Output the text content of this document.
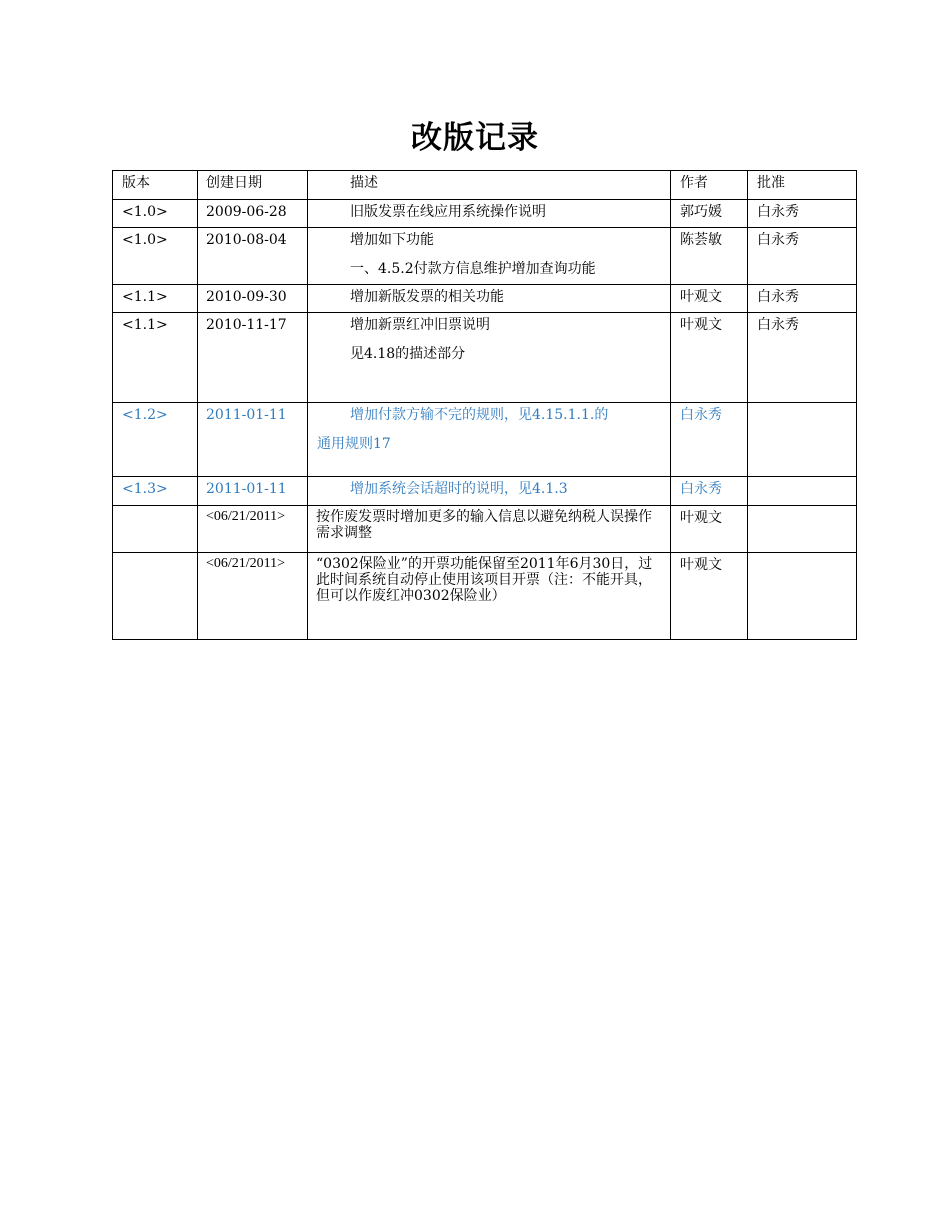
改版记录
版本	创建日期	描述	作者	批准

<1.0>	2009-06-28	旧版发票在线应用系统操作说明	郭巧媛	白永秀

<1.0>	2010-08-04	增加如下功能
一、4.5.2付款方信息维护增加查询功能	陈荟敏	白永秀

<1.1>	2010-09-30	增加新版发票的相关功能	叶观文	白永秀

<1.1>	2010-11-17	增加新票红冲旧票说明
见4.18的描述部分	叶观文	白永秀

<1.2>	2011-01-11	增加付款方输不完的规则，见4.15.1.1.的
通用规则17	白永秀	

<1.3>	2011-01-11	增加系统会话超时的说明，见4.1.3	白永秀	

	<06/21/2011>	按作废发票时增加更多的输入信息以避免纳税人误操作需求调整	叶观文	

	<06/21/2011>	“0302保险业”的开票功能保留至2011年6月30日，过此时间系统自动停止使用该项目开票（注：不能开具，但可以作废红冲0302保险业）	叶观文	
